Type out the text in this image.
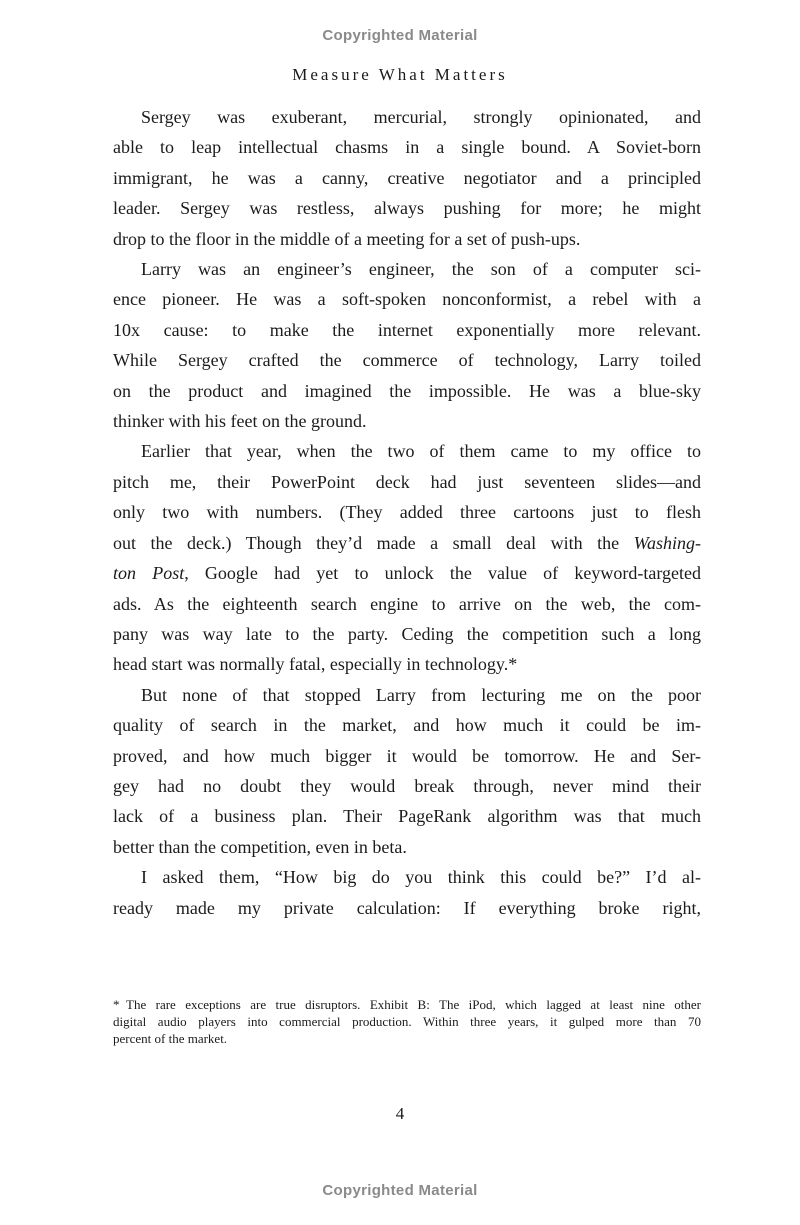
Copyrighted Material
Measure What Matters
Sergey was exuberant, mercurial, strongly opinionated, and
able to leap intellectual chasms in a single bound. A Soviet-born
immigrant, he was a canny, creative negotiator and a principled
leader. Sergey was restless, always pushing for more; he might
drop to the floor in the middle of a meeting for a set of push-ups.
Larry was an engineer’s engineer, the son of a computer sci-
ence pioneer. He was a soft-spoken nonconformist, a rebel with a
10x cause: to make the internet exponentially more relevant.
While Sergey crafted the commerce of technology, Larry toiled
on the product and imagined the impossible. He was a blue-sky
thinker with his feet on the ground.
Earlier that year, when the two of them came to my office to
pitch me, their PowerPoint deck had just seventeen slides—and
only two with numbers. (They added three cartoons just to flesh
out the deck.) Though they’d made a small deal with the Washing-
ton Post, Google had yet to unlock the value of keyword-targeted
ads. As the eighteenth search engine to arrive on the web, the com-
pany was way late to the party. Ceding the competition such a long
head start was normally fatal, especially in technology.*
But none of that stopped Larry from lecturing me on the poor
quality of search in the market, and how much it could be im-
proved, and how much bigger it would be tomorrow. He and Ser-
gey had no doubt they would break through, never mind their
lack of a business plan. Their PageRank algorithm was that much
better than the competition, even in beta.
I asked them, “How big do you think this could be?” I’d al-
ready made my private calculation: If everything broke right,
* The rare exceptions are true disruptors. Exhibit B: The iPod, which lagged at least nine other
digital audio players into commercial production. Within three years, it gulped more than 70
percent of the market.
4
Copyrighted Material
